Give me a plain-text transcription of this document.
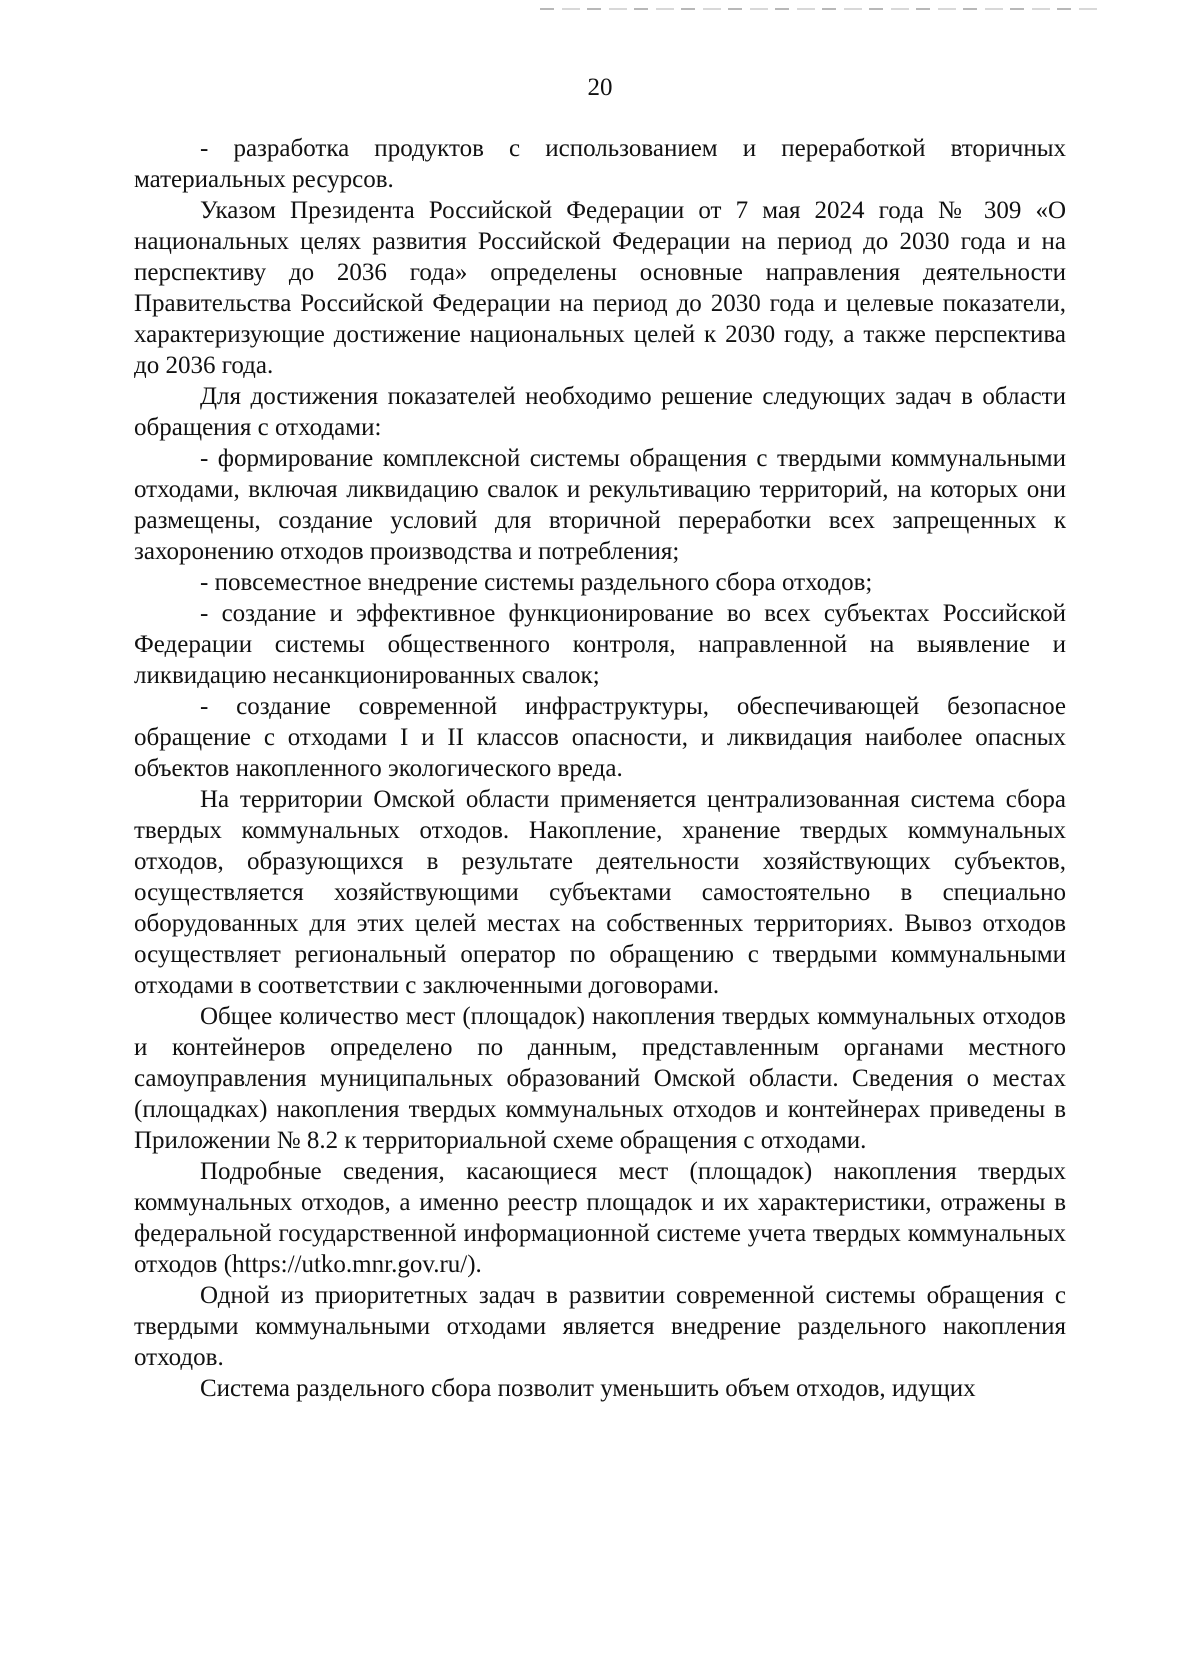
20

- разработка продуктов с использованием и переработкой вторичных материальных ресурсов.

Указом Президента Российской Федерации от 7 мая 2024 года № 309 «О национальных целях развития Российской Федерации на период до 2030 года и на перспективу до 2036 года» определены основные направления деятельности Правительства Российской Федерации на период до 2030 года и целевые показатели, характеризующие достижение национальных целей к 2030 году, а также перспектива до 2036 года.

Для достижения показателей необходимо решение следующих задач в области обращения с отходами:

- формирование комплексной системы обращения с твердыми коммунальными отходами, включая ликвидацию свалок и рекультивацию территорий, на которых они размещены, создание условий для вторичной переработки всех запрещенных к захоронению отходов производства и потребления;

- повсеместное внедрение системы раздельного сбора отходов;

- создание и эффективное функционирование во всех субъектах Российской Федерации системы общественного контроля, направленной на выявление и ликвидацию несанкционированных свалок;

- создание современной инфраструктуры, обеспечивающей безопасное обращение с отходами I и II классов опасности, и ликвидация наиболее опасных объектов накопленного экологического вреда.

На территории Омской области применяется централизованная система сбора твердых коммунальных отходов. Накопление, хранение твердых коммунальных отходов, образующихся в результате деятельности хозяйствующих субъектов, осуществляется хозяйствующими субъектами самостоятельно в специально оборудованных для этих целей местах на собственных территориях. Вывоз отходов осуществляет региональный оператор по обращению с твердыми коммунальными отходами в соответствии с заключенными договорами.

Общее количество мест (площадок) накопления твердых коммунальных отходов и контейнеров определено по данным, представленным органами местного самоуправления муниципальных образований Омской области. Сведения о местах (площадках) накопления твердых коммунальных отходов и контейнерах приведены в Приложении № 8.2 к территориальной схеме обращения с отходами.

Подробные сведения, касающиеся мест (площадок) накопления твердых коммунальных отходов, а именно реестр площадок и их характеристики, отражены в федеральной государственной информационной системе учета твердых коммунальных отходов (https://utko.mnr.gov.ru/).

Одной из приоритетных задач в развитии современной системы обращения с твердыми коммунальными отходами является внедрение раздельного накопления отходов.

Система раздельного сбора позволит уменьшить объем отходов, идущих
